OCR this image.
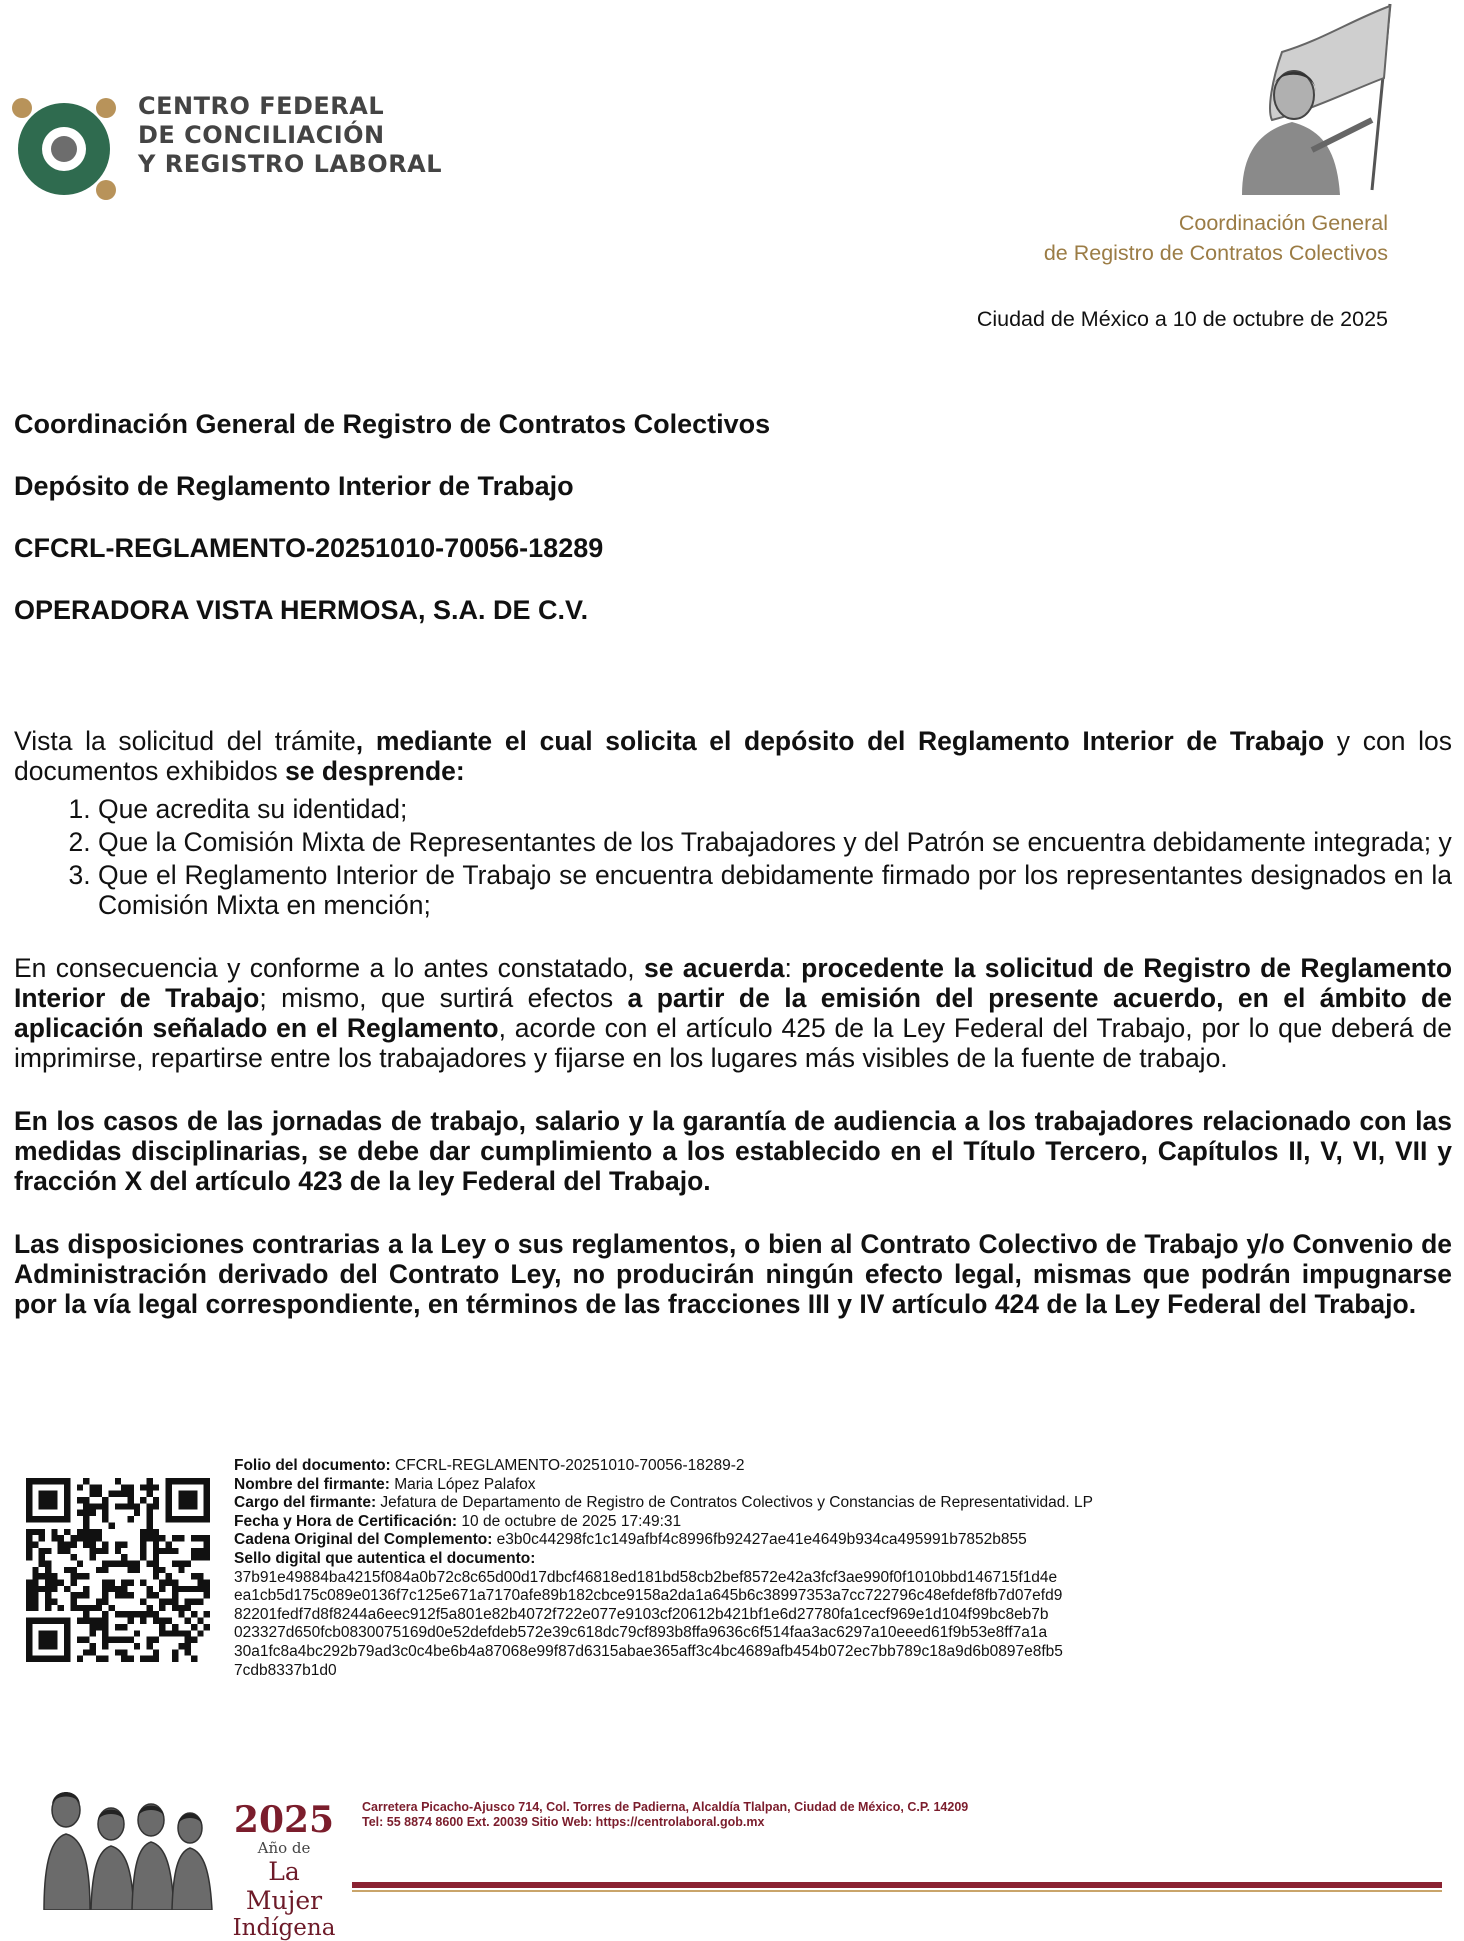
CENTRO FEDERAL
DE CONCILIACIÓN
Y REGISTRO LABORAL
Coordinación General
de Registro de Contratos Colectivos
Ciudad de México a 10 de octubre de 2025
Coordinación General de Registro de Contratos Colectivos
Depósito de Reglamento Interior de Trabajo
CFCRL-REGLAMENTO-20251010-70056-18289
OPERADORA VISTA HERMOSA, S.A. DE C.V.

Vista la solicitud del trámite, mediante el cual solicita el depósito del Reglamento Interior de Trabajo y con los documentos exhibidos se desprende:

1. Que acredita su identidad;
2. Que la Comisión Mixta de Representantes de los Trabajadores y del Patrón se encuentra debidamente integrada; y
3. Que el Reglamento Interior de Trabajo se encuentra debidamente firmado por los representantes designados en la Comisión Mixta en mención;

En consecuencia y conforme a lo antes constatado, se acuerda: procedente la solicitud de Registro de Reglamento Interior de Trabajo; mismo, que surtirá efectos a partir de la emisión del presente acuerdo, en el ámbito de aplicación señalado en el Reglamento, acorde con el artículo 425 de la Ley Federal del Trabajo, por lo que deberá de imprimirse, repartirse entre los trabajadores y fijarse en los lugares más visibles de la fuente de trabajo.

En los casos de las jornadas de trabajo, salario y la garantía de audiencia a los trabajadores relacionado con las medidas disciplinarias, se debe dar cumplimiento a los establecido en el Título Tercero, Capítulos II, V, VI, VII y fracción X del artículo 423 de la ley Federal del Trabajo.

Las disposiciones contrarias a la Ley o sus reglamentos, o bien al Contrato Colectivo de Trabajo y/o Convenio de Administración derivado del Contrato Ley, no producirán ningún efecto legal, mismas que podrán impugnarse por la vía legal correspondiente, en términos de las fracciones III y IV artículo 424 de la Ley Federal del Trabajo.

Folio del documento: CFCRL-REGLAMENTO-20251010-70056-18289-2
Nombre del firmante: Maria López Palafox
Cargo del firmante: Jefatura de Departamento de Registro de Contratos Colectivos y Constancias de Representatividad. LP
Fecha y Hora de Certificación: 10 de octubre de 2025 17:49:31
Cadena Original del Complemento: e3b0c44298fc1c149afbf4c8996fb92427ae41e4649b934ca495991b7852b855
Sello digital que autentica el documento:
37b91e49884ba4215f084a0b72c8c65d00d17dbcf46818ed181bd58cb2bef8572e42a3fcf3ae990f0f1010bbd146715f1d4e
ea1cb5d175c089e0136f7c125e671a7170afe89b182cbce9158a2da1a645b6c38997353a7cc722796c48efdef8fb7d07efd9
82201fedf7d8f8244a6eec912f5a801e82b4072f722e077e9103cf20612b421bf1e6d27780fa1cecf969e1d104f99bc8eb7b
023327d650fcb0830075169d0e52defdeb572e39c618dc79cf893b8ffa9636c6f514faa3ac6297a10eeed61f9b53e8ff7a1a
30a1fc8a4bc292b79ad3c0c4be6b4a87068e99f87d6315abae365aff3c4bc4689afb454b072ec7bb789c18a9d6b0897e8fb5
7cdb8337b1d0
2025
Año de
La Mujer
Indígena
Carretera Picacho-Ajusco 714, Col. Torres de Padierna, Alcaldía Tlalpan, Ciudad de México, C.P. 14209
Tel: 55 8874 8600 Ext. 20039 Sitio Web: https://centrolaboral.gob.mx
